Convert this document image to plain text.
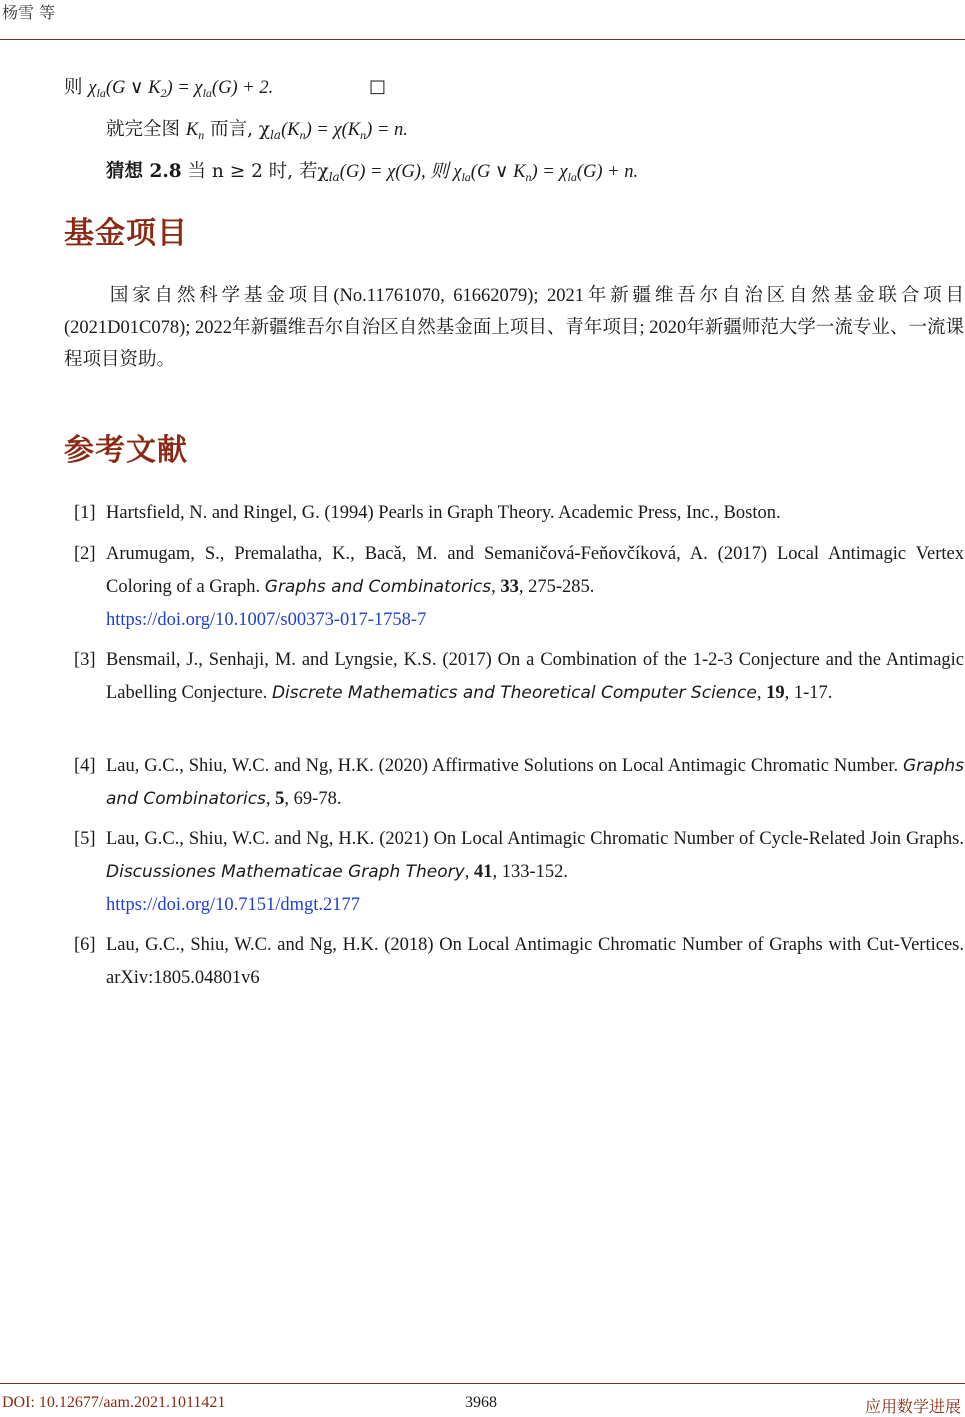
杨雪 等
则 $\chi_{la}(G$ ∨ $K_2) = \chi_{la}(G) + 2$.	□
就完全图 $K_n$ 而言, $\chi_{la}(K_n) = \chi(K_n) = n$.
猜想 2.8 当 n ≥ 2 时, 若$\chi_{la}(G) = \chi(G)$, 则 $\chi_{la}(G$ ∨ $K_n) = \chi_{la}(G) + n$.
基金项目
国家自然科学基金项目(No.11761070, 61662079); 2021年新疆维吾尔自治区自然基金联合项目(2021D01C078); 2022年新疆维吾尔自治区自然基金面上项目、青年项目; 2020年新疆师范大学一流专业、一流课程项目资助。
参考文献
[1] Hartsfield, N. and Ringel, G. (1994) Pearls in Graph Theory. Academic Press, Inc., Boston.
[2] Arumugam, S., Premalatha, K., Bacǎ, M. and Semaničová-Feňovčíková, A. (2017) Local Antimagic Vertex Coloring of a Graph. Graphs and Combinatorics, 33, 275-285.
https://doi.org/10.1007/s00373-017-1758-7
[3] Bensmail, J., Senhaji, M. and Lyngsie, K.S. (2017) On a Combination of the 1-2-3 Conjecture and the Antimagic Labelling Conjecture. Discrete Mathematics and Theoretical Computer Science, 19, 1-17.
[4] Lau, G.C., Shiu, W.C. and Ng, H.K. (2020) Affirmative Solutions on Local Antimagic Chromatic Number. Graphs and Combinatorics, 5, 69-78.
[5] Lau, G.C., Shiu, W.C. and Ng, H.K. (2021) On Local Antimagic Chromatic Number of Cycle-Related Join Graphs. Discussiones Mathematicae Graph Theory, 41, 133-152.
https://doi.org/10.7151/dmgt.2177
[6] Lau, G.C., Shiu, W.C. and Ng, H.K. (2018) On Local Antimagic Chromatic Number of Graphs with Cut-Vertices. arXiv:1805.04801v6
DOI: 10.12677/aam.2021.1011421	3968	应用数学进展
